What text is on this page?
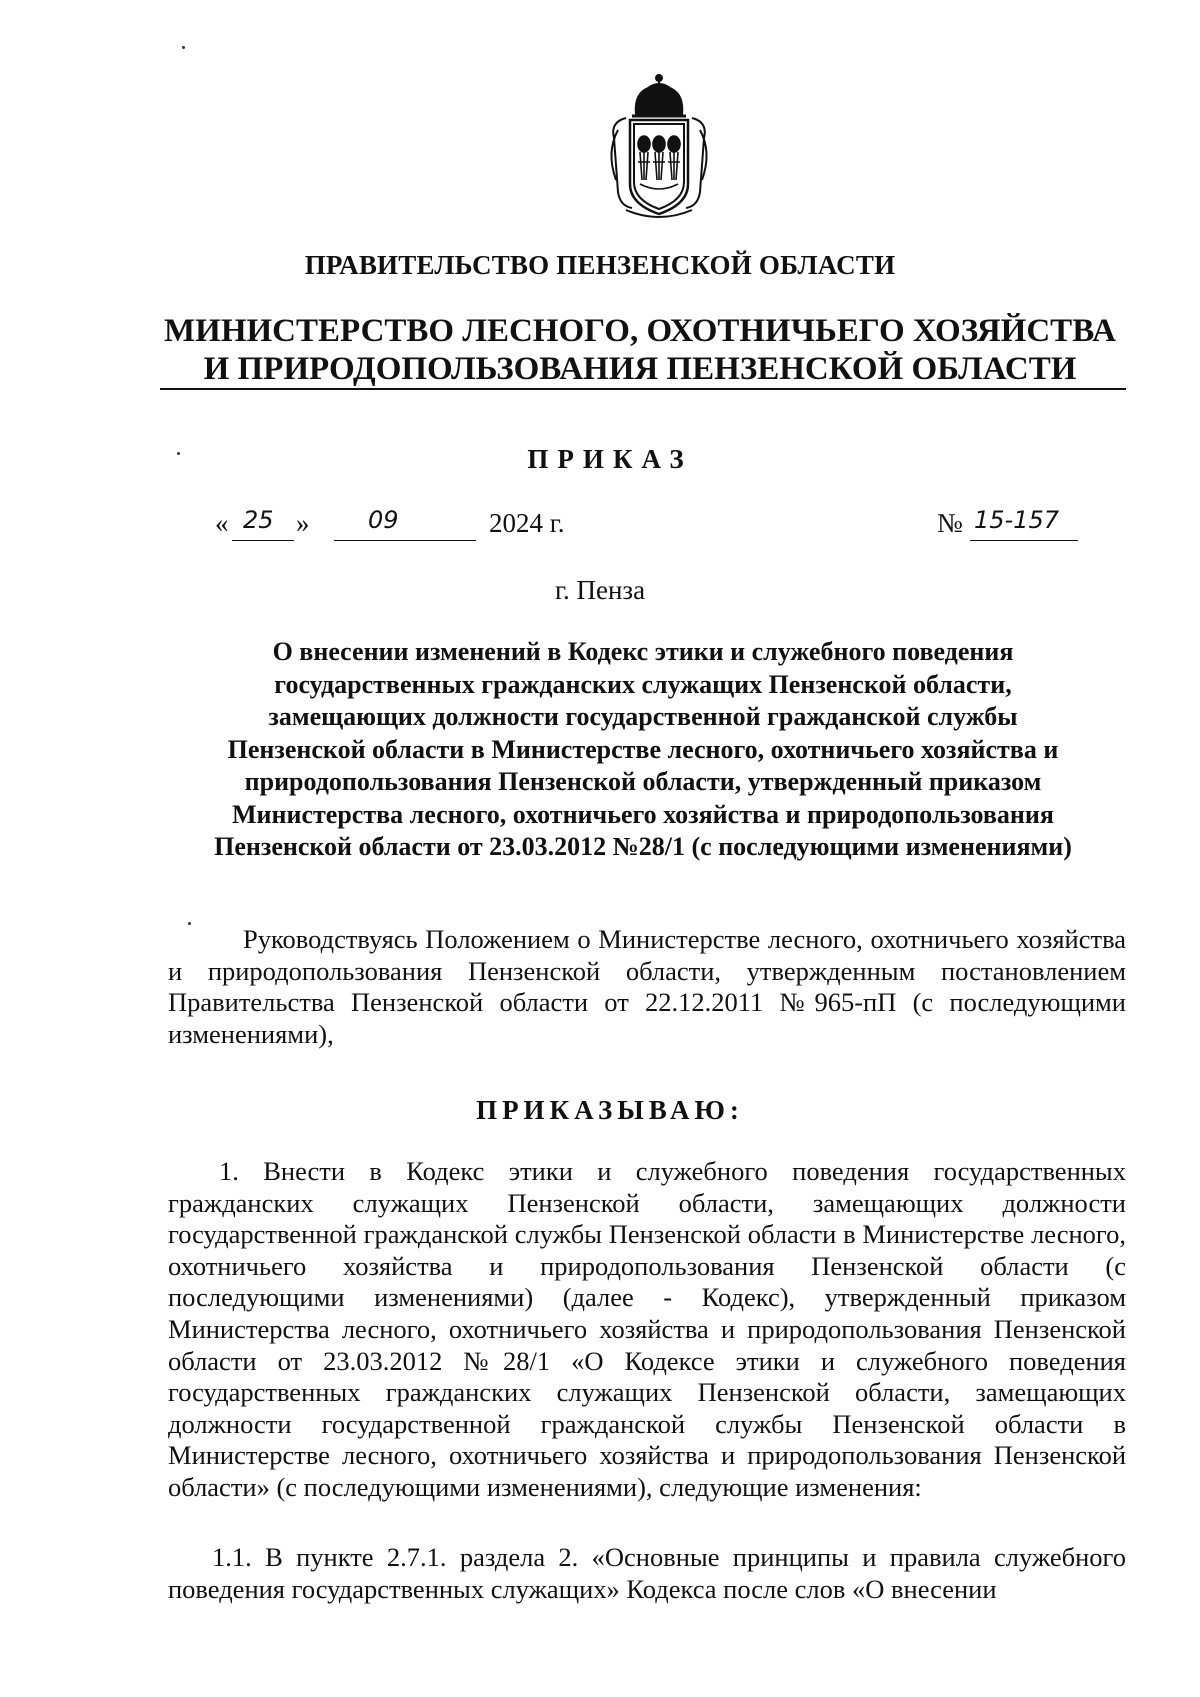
ПРАВИТЕЛЬСТВО ПЕНЗЕНСКОЙ ОБЛАСТИ
МИНИСТЕРСТВО ЛЕСНОГО, ОХОТНИЧЬЕГО ХОЗЯЙСТВА
И ПРИРОДОПОЛЬЗОВАНИЯ ПЕНЗЕНСКОЙ ОБЛАСТИ
ПРИКАЗ
« 25 » 09	2024 г.	№ 15-157
г. Пенза
О внесении изменений в Кодекс этики и служебного поведения
государственных гражданских служащих Пензенской области,
замещающих должности государственной гражданской службы
Пензенской области в Министерстве лесного, охотничьего хозяйства и
природопользования Пензенской области, утвержденный приказом
Министерства лесного, охотничьего хозяйства и природопользования
Пензенской области от 23.03.2012 №28/1 (с последующими изменениями)
Руководствуясь Положением о Министерстве лесного, охотничьего хозяйства и природопользования Пензенской области, утвержденным постановлением Правительства Пензенской области от 22.12.2011 №965-пП (с последующими изменениями),
ПРИКАЗЫВАЮ:
1. Внести в Кодекс этики и служебного поведения государственных гражданских служащих Пензенской области, замещающих должности государственной гражданской службы Пензенской области в Министерстве лесного, охотничьего хозяйства и природопользования Пензенской области (с последующими изменениями) (далее - Кодекс), утвержденный приказом Министерства лесного, охотничьего хозяйства и природопользования Пензенской области от 23.03.2012 №28/1 «О Кодексе этики и служебного поведения государственных гражданских служащих Пензенской области, замещающих должности государственной гражданской службы Пензенской области в Министерстве лесного, охотничьего хозяйства и природопользования Пензенской области» (с последующими изменениями), следующие изменения:
1.1. В пункте 2.7.1. раздела 2. «Основные принципы и правила служебного поведения государственных служащих» Кодекса после слов «О внесении
